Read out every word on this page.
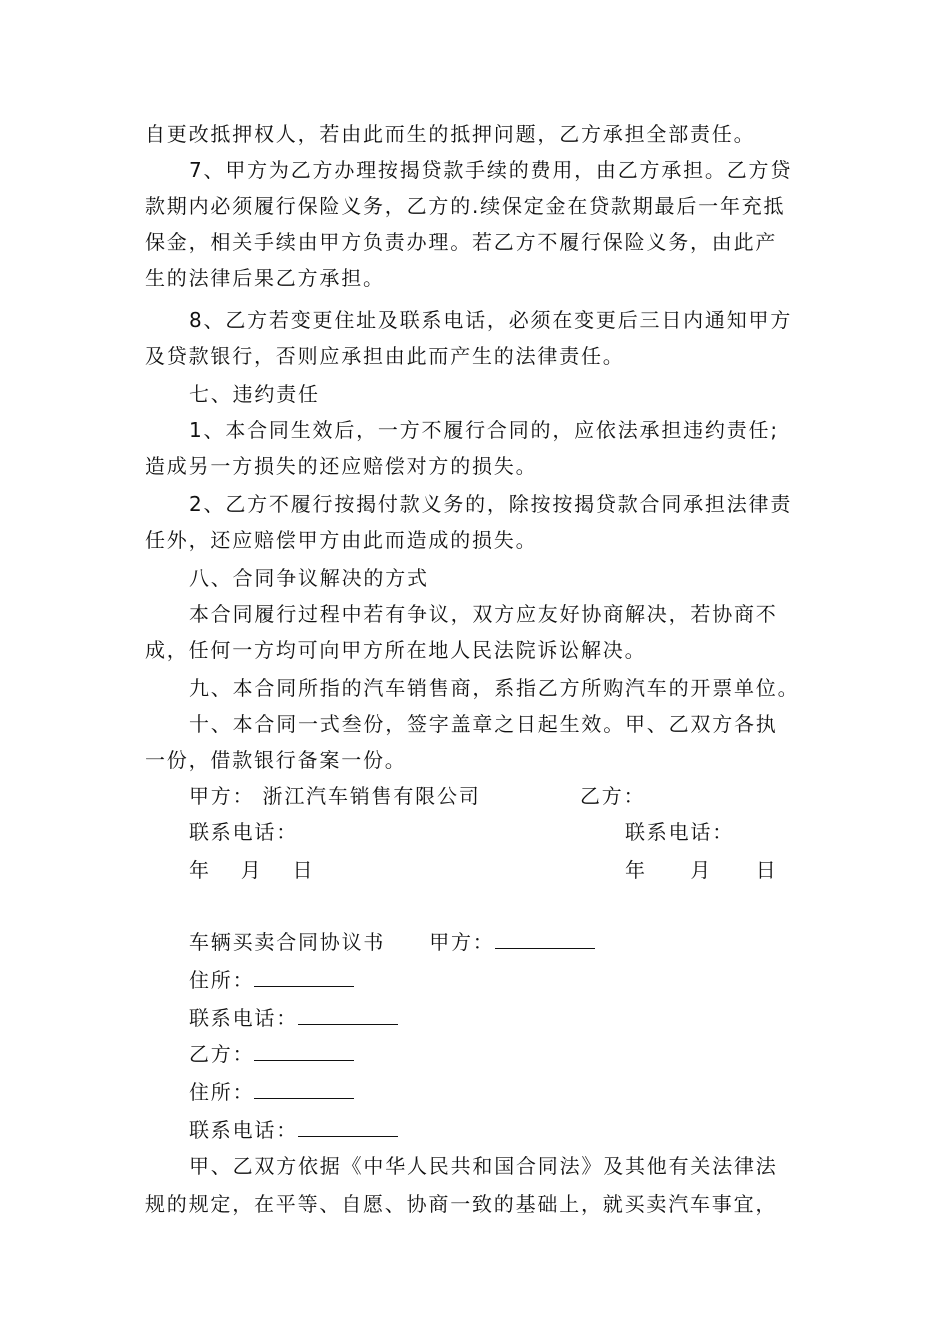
自更改抵押权人，若由此而生的抵押问题，乙方承担全部责任。
7、甲方为乙方办理按揭贷款手续的费用，由乙方承担。乙方贷
款期内必须履行保险义务，乙方的.续保定金在贷款期最后一年充抵
保金，相关手续由甲方负责办理。若乙方不履行保险义务，由此产
生的法律后果乙方承担。
8、乙方若变更住址及联系电话，必须在变更后三日内通知甲方
及贷款银行，否则应承担由此而产生的法律责任。
七、违约责任
1、本合同生效后，一方不履行合同的，应依法承担违约责任;
造成另一方损失的还应赔偿对方的损失。
2、乙方不履行按揭付款义务的，除按按揭贷款合同承担法律责
任外，还应赔偿甲方由此而造成的损失。
八、合同争议解决的方式
本合同履行过程中若有争议，双方应友好协商解决，若协商不
成，任何一方均可向甲方所在地人民法院诉讼解决。
九、本合同所指的汽车销售商，系指乙方所购汽车的开票单位。
十、本合同一式叁份，签字盖章之日起生效。甲、乙双方各执
一份，借款银行备案一份。
甲方： 浙江汽车销售有限公司	乙方：
联系电话：	联系电话：
年　 月　 日	年　　月　　日
车辆买卖合同协议书 甲方：
住所：
联系电话：
乙方：
住所：
联系电话：
甲、乙双方依据《中华人民共和国合同法》及其他有关法律法
规的规定，在平等、自愿、协商一致的基础上，就买卖汽车事宜，
